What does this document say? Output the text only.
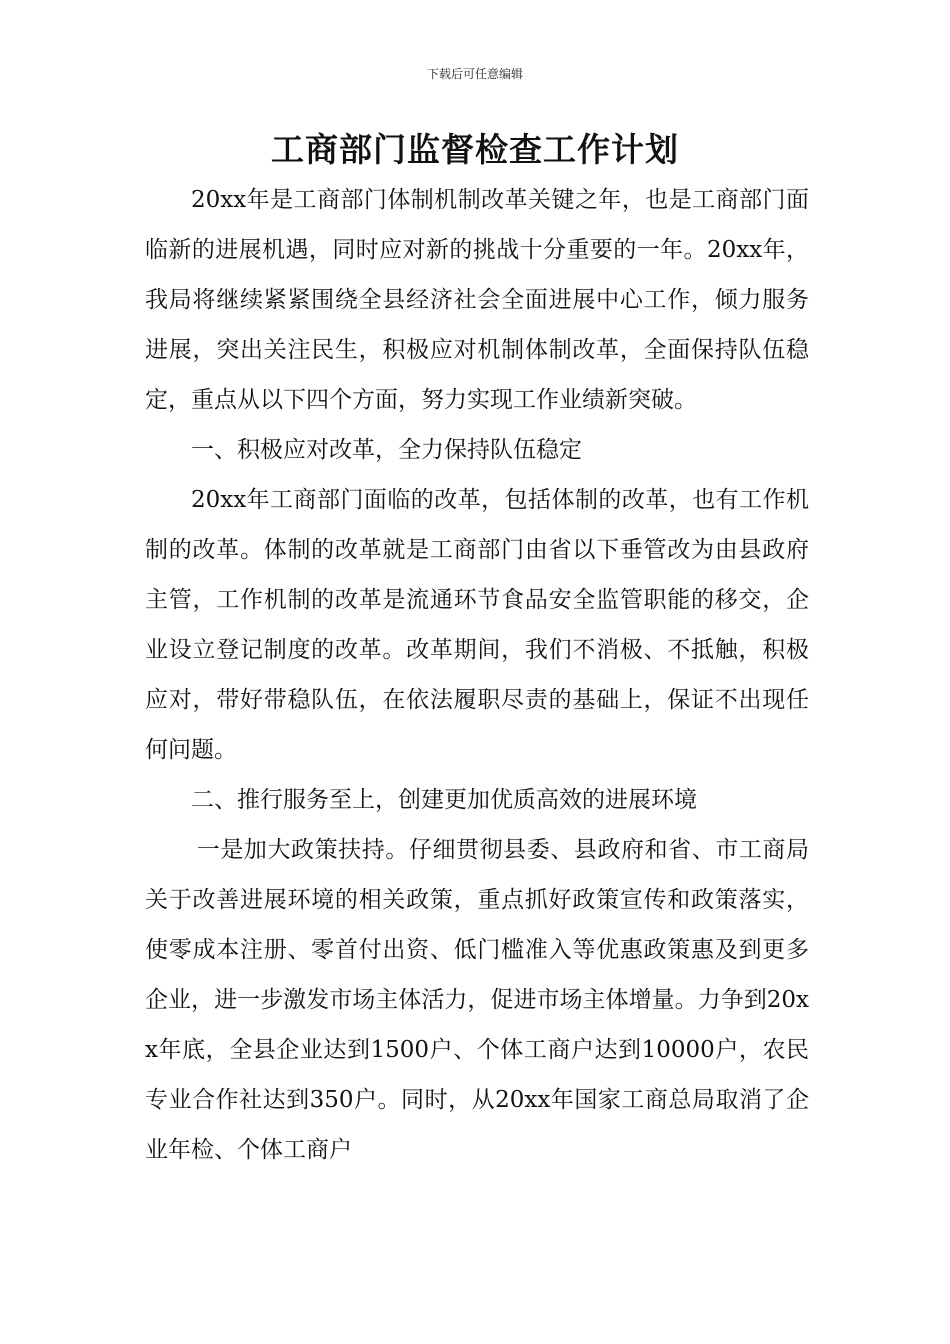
下载后可任意编辑
工商部门监督检查工作计划

20xx年是工商部门体制机制改革关键之年，也是工商部门面临新的进展机遇，同时应对新的挑战十分重要的一年。20xx年，我局将继续紧紧围绕全县经济社会全面进展中心工作，倾力服务进展，突出关注民生，积极应对机制体制改革，全面保持队伍稳定，重点从以下四个方面，努力实现工作业绩新突破。

一、积极应对改革，全力保持队伍稳定

20xx年工商部门面临的改革，包括体制的改革，也有工作机制的改革。体制的改革就是工商部门由省以下垂管改为由县政府主管，工作机制的改革是流通环节食品安全监管职能的移交，企业设立登记制度的改革。改革期间，我们不消极、不抵触，积极应对，带好带稳队伍，在依法履职尽责的基础上，保证不出现任何问题。

二、推行服务至上，创建更加优质高效的进展环境

一是加大政策扶持。仔细贯彻县委、县政府和省、市工商局关于改善进展环境的相关政策，重点抓好政策宣传和政策落实，使零成本注册、零首付出资、低门槛准入等优惠政策惠及到更多企业，进一步激发市场主体活力，促进市场主体增量。力争到20xx年底，全县企业达到1500户、个体工商户达到10000户，农民专业合作社达到350户。同时，从20xx年国家工商总局取消了企业年检、个体工商户
